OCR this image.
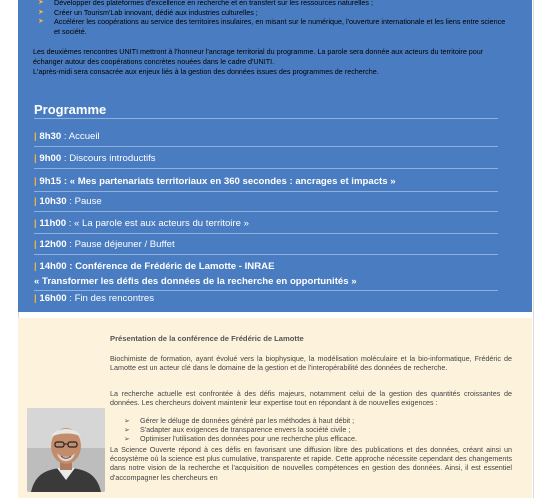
➤ Développer des plateformes d'excellence en recherche et en transfert sur les ressources naturelles ;
➤ Créer un Tourism'Lab innovant, dédié aux industries culturelles ;
➤ Accélérer les coopérations au service des territoires insulaires, en misant sur le numérique, l'ouverture internationale et les liens entre science et société.
Les deuxièmes rencontres UNITI mettront à l'honneur l'ancrage territorial du programme. La parole sera donnée aux acteurs du territoire pour échanger autour des coopérations concrètes nouées dans le cadre d'UNITI.
L'après-midi sera consacrée aux enjeux liés à la gestion des données issues des programmes de recherche.
Programme
| 8h30 : Accueil
| 9h00 : Discours introductifs
| 9h15 : « Mes partenariats territoriaux en 360 secondes : ancrages et impacts »
| 10h30 : Pause
| 11h00 : « La parole est aux acteurs du territoire »
| 12h00 : Pause déjeuner / Buffet
| 14h00 : Conférence de Frédéric de Lamotte - INRAE
« Transformer les défis des données de la recherche en opportunités »
| 16h00 : Fin des rencontres
Présentation de la conférence de Frédéric de Lamotte
Biochimiste de formation, ayant évolué vers la biophysique, la modélisation moléculaire et la bio-informatique, Frédéric de Lamotte est un acteur clé dans le domaine de la gestion et de l'interopérabilité des données de recherche.
La recherche actuelle est confrontée à des défis majeurs, notamment celui de la gestion des quantités croissantes de données. Les chercheurs doivent maintenir leur expertise tout en répondant à de nouvelles exigences :
➢ Gérer le déluge de données généré par les méthodes à haut débit ;
➢ S'adapter aux exigences de transparence envers la société civile ;
➢ Optimiser l'utilisation des données pour une recherche plus efficace.
La Science Ouverte répond à ces défis en favorisant une diffusion libre des publications et des données, créant ainsi un écosystème où la science est plus cumulative, transparente et rapide. Cette approche nécessite cependant des changements dans notre vision de la recherche et l'acquisition de nouvelles compétences en gestion des données. Ainsi, il est essentiel d'accompagner les chercheurs en
